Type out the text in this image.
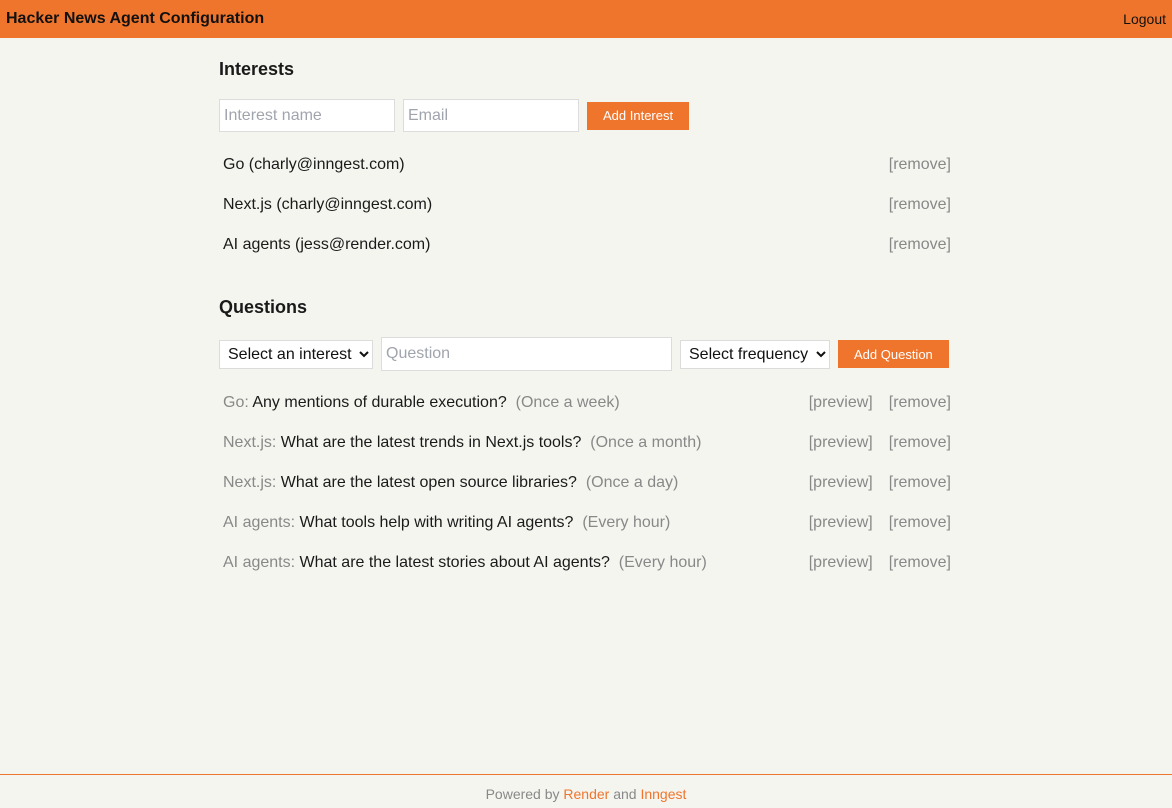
Hacker News Agent Configuration	Logout
Interests
Interest name
Email
Add Interest
Go (charly@inngest.com)	[remove]
Next.js (charly@inngest.com)	[remove]
AI agents (jess@render.com)	[remove]
Questions
Select an interest
Question
Select frequency
Add Question
Go: Any mentions of durable execution? (Once a week)	[preview] [remove]
Next.js: What are the latest trends in Next.js tools? (Once a month)	[preview] [remove]
Next.js: What are the latest open source libraries? (Once a day)	[preview] [remove]
AI agents: What tools help with writing AI agents? (Every hour)	[preview] [remove]
AI agents: What are the latest stories about AI agents? (Every hour)	[preview] [remove]
Powered by Render and Inngest
